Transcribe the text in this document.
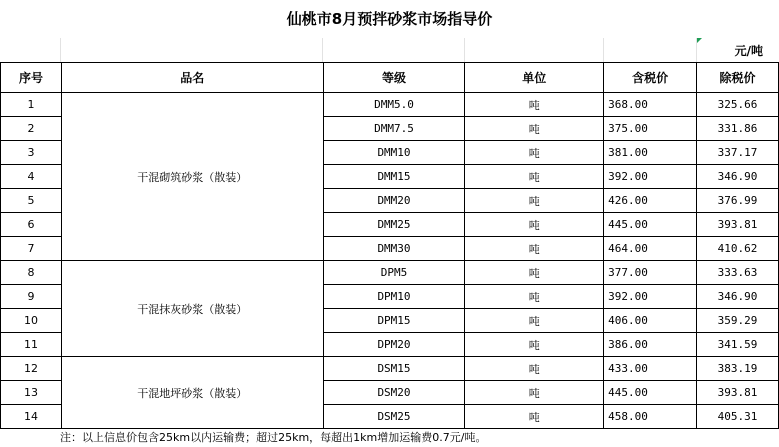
仙桃市8月预拌砂浆市场指导价
元/吨
序号	品名	等级	单位	含税价	除税价
1	干混砌筑砂浆（散装）	DMM5.0	吨	368.00	325.66
2		DMM7.5	吨	375.00	331.86
3		DMM10	吨	381.00	337.17
4		DMM15	吨	392.00	346.90
5		DMM20	吨	426.00	376.99
6		DMM25	吨	445.00	393.81
7		DMM30	吨	464.00	410.62
8	干混抹灰砂浆（散装）	DPM5	吨	377.00	333.63
9		DPM10	吨	392.00	346.90
10		DPM15	吨	406.00	359.29
11		DPM20	吨	386.00	341.59
12	干混地坪砂浆（散装）	DSM15	吨	433.00	383.19
13		DSM20	吨	445.00	393.81
14		DSM25	吨	458.00	405.31
注：以上信息价包含25km以内运输费；超过25km，每超出1km增加运输费0.7元/吨。
